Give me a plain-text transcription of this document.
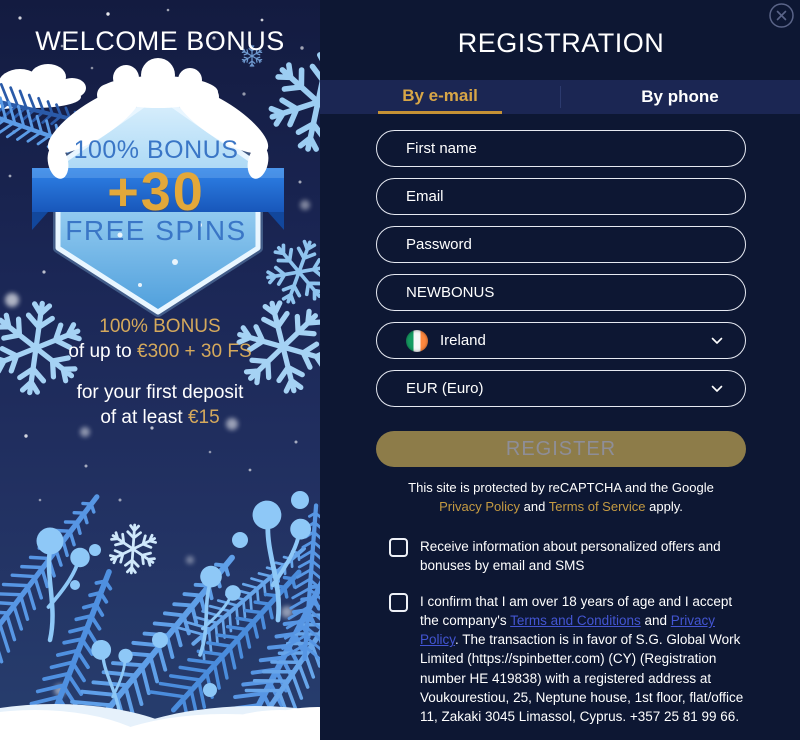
WELCOME BONUS
100% BONUS
+30
FREE SPINS
100% BONUS
of up to €300 + 30 FS
for your first deposit
of at least €15
REGISTRATION
By e-mail	By phone
First name
Email
NEWBONUS
Ireland
EUR (Euro)
REGISTER
This site is protected by reCAPTCHA and the Google Privacy Policy and Terms of Service apply.

Receive information about personalized offers and bonuses by email and SMS

I confirm that I am over 18 years of age and I accept the company's Terms and Conditions and Privacy Policy. The transaction is in favor of S.G. Global Work Limited (https://spinbetter.com) (CY) (Registration number HE 419838) with a registered address at Voukourestiou, 25, Neptune house, 1st floor, flat/office 11, Zakaki 3045 Limassol, Cyprus. +357 25 81 99 66.
